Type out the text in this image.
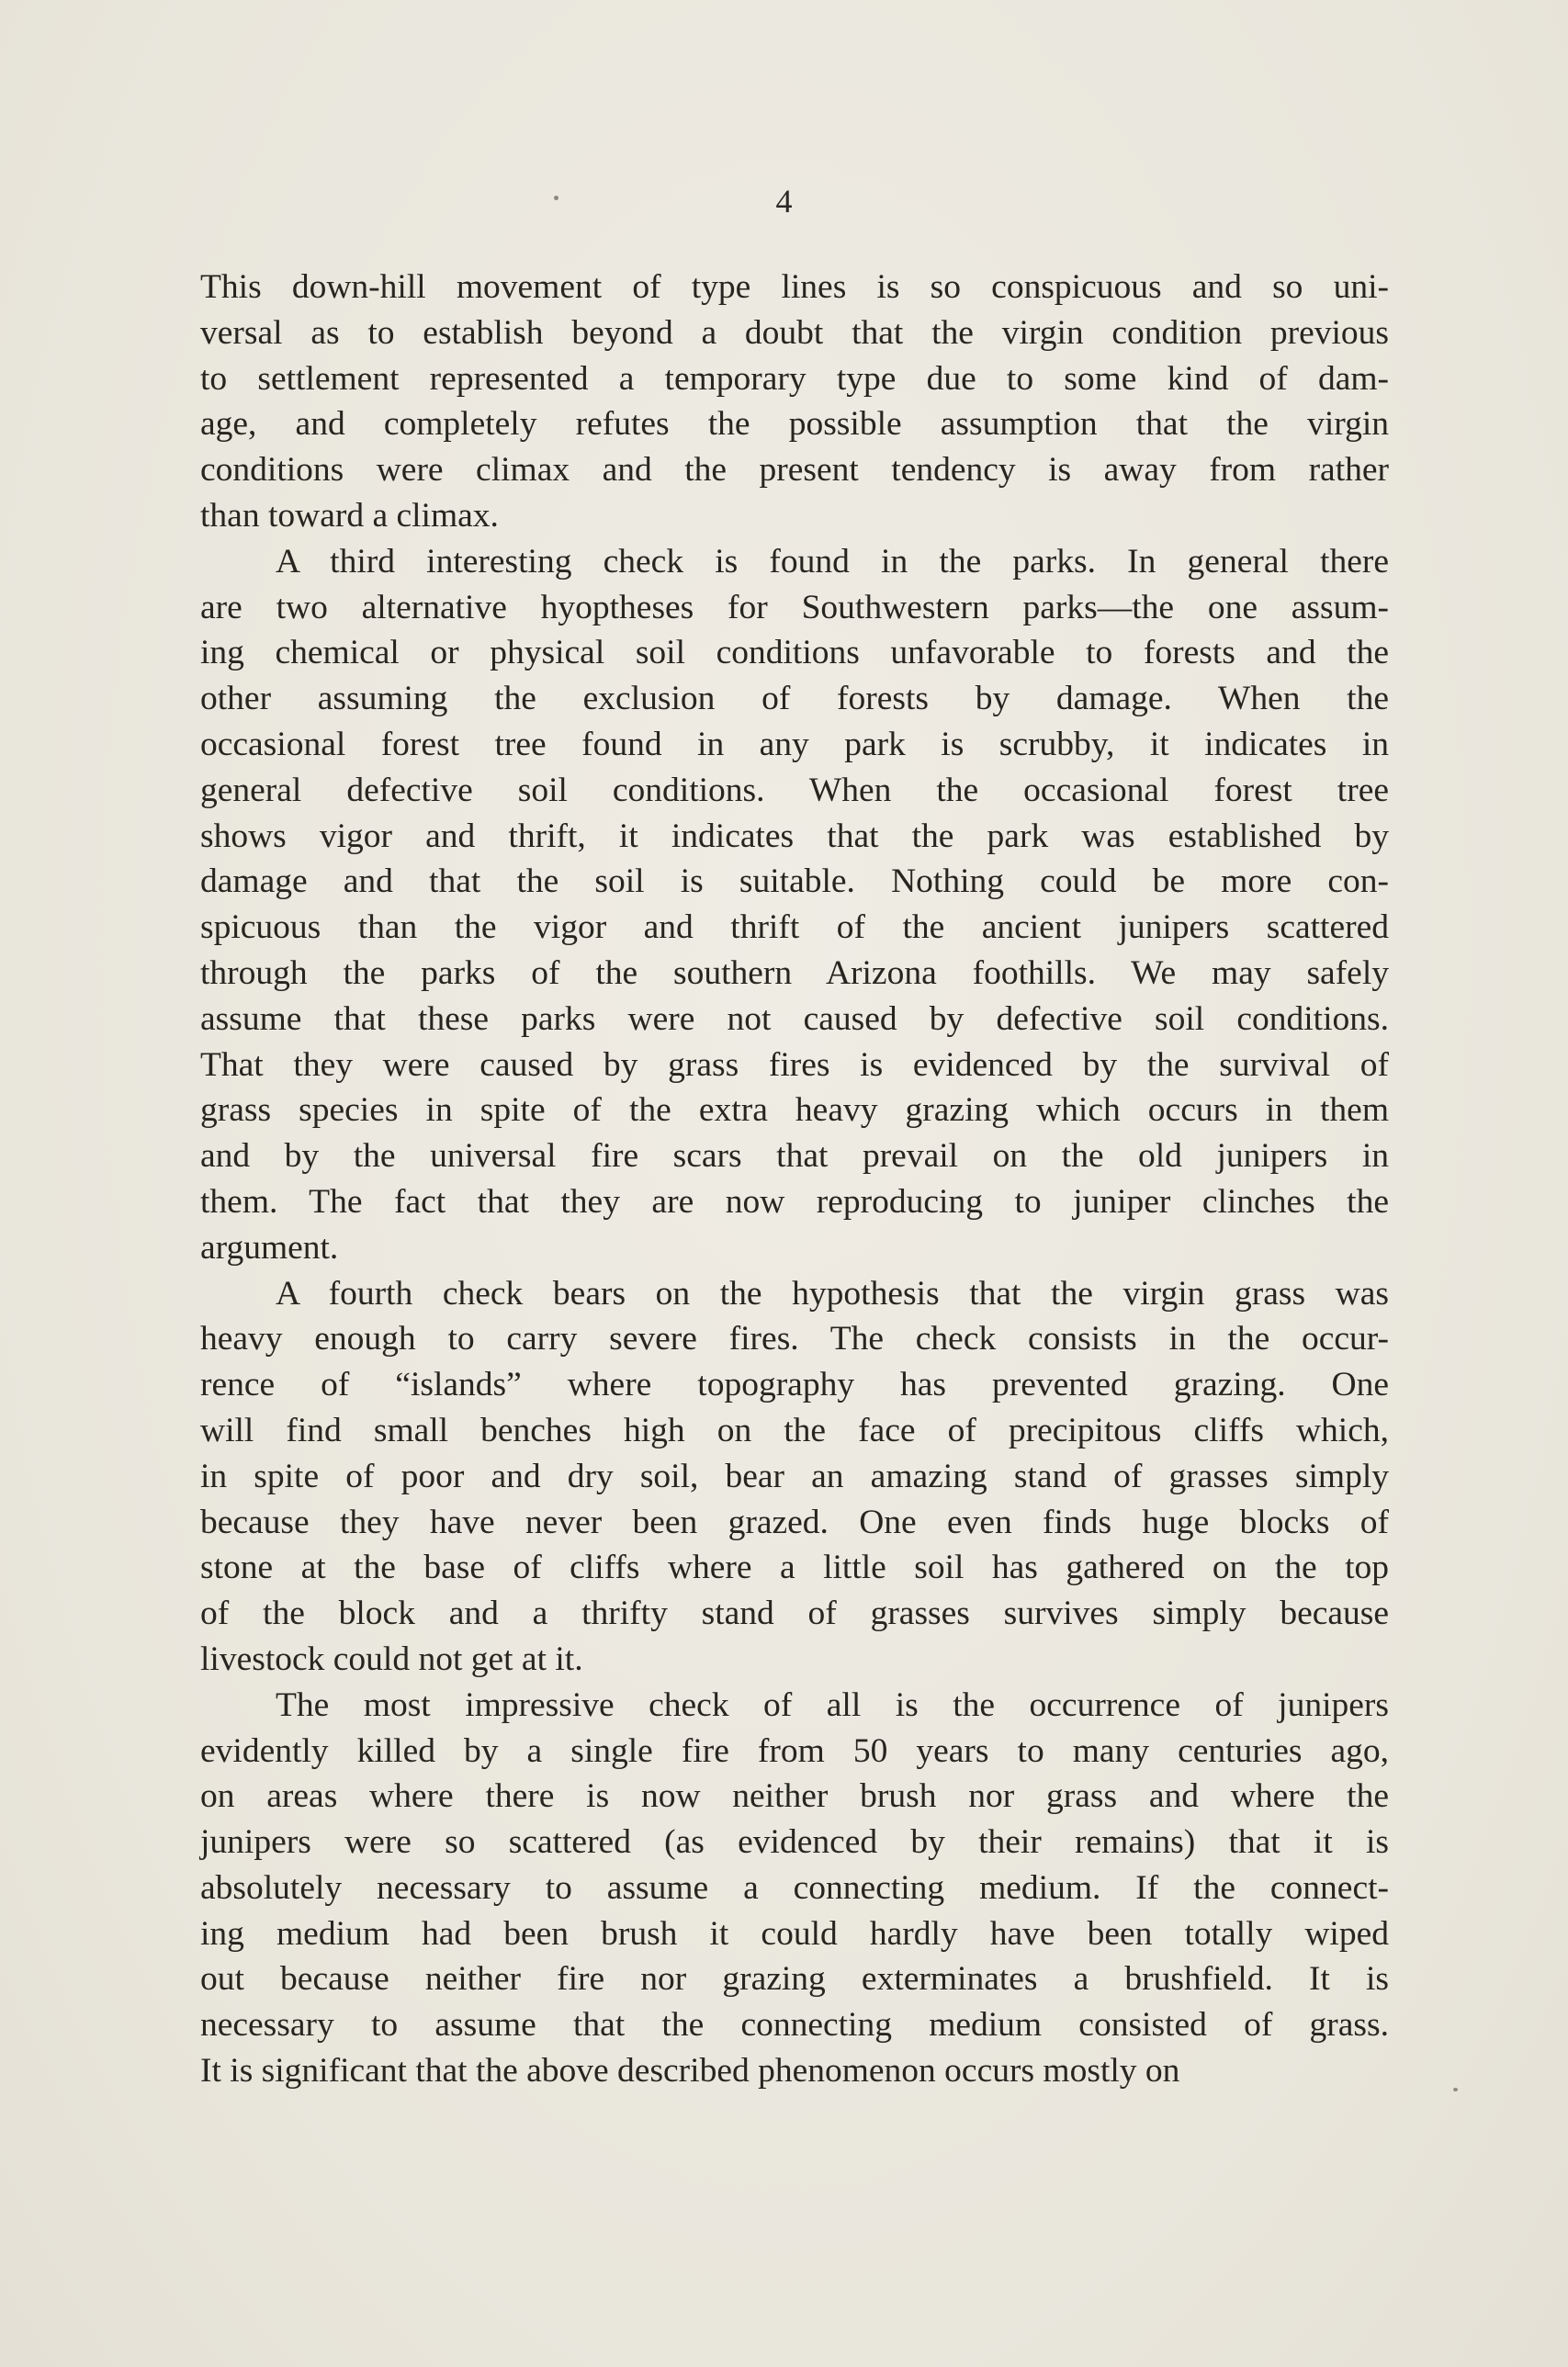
4
This down-hill movement of type lines is so conspicuous and so uni-
versal as to establish beyond a doubt that the virgin condition previous
to settlement represented a temporary type due to some kind of dam-
age, and completely refutes the possible assumption that the virgin
conditions were climax and the present tendency is away from rather
than toward a climax.
A third interesting check is found in the parks. In general there
are two alternative hyoptheses for Southwestern parks—the one assum-
ing chemical or physical soil conditions unfavorable to forests and the
other assuming the exclusion of forests by damage. When the
occasional forest tree found in any park is scrubby, it indicates in
general defective soil conditions. When the occasional forest tree
shows vigor and thrift, it indicates that the park was established by
damage and that the soil is suitable. Nothing could be more con-
spicuous than the vigor and thrift of the ancient junipers scattered
through the parks of the southern Arizona foothills. We may safely
assume that these parks were not caused by defective soil conditions.
That they were caused by grass fires is evidenced by the survival of
grass species in spite of the extra heavy grazing which occurs in them
and by the universal fire scars that prevail on the old junipers in
them. The fact that they are now reproducing to juniper clinches the
argument.
A fourth check bears on the hypothesis that the virgin grass was
heavy enough to carry severe fires. The check consists in the occur-
rence of “islands” where topography has prevented grazing. One
will find small benches high on the face of precipitous cliffs which,
in spite of poor and dry soil, bear an amazing stand of grasses simply
because they have never been grazed. One even finds huge blocks of
stone at the base of cliffs where a little soil has gathered on the top
of the block and a thrifty stand of grasses survives simply because
livestock could not get at it.
The most impressive check of all is the occurrence of junipers
evidently killed by a single fire from 50 years to many centuries ago,
on areas where there is now neither brush nor grass and where the
junipers were so scattered (as evidenced by their remains) that it is
absolutely necessary to assume a connecting medium. If the connect-
ing medium had been brush it could hardly have been totally wiped
out because neither fire nor grazing exterminates a brushfield. It is
necessary to assume that the connecting medium consisted of grass.
It is significant that the above described phenomenon occurs mostly on
